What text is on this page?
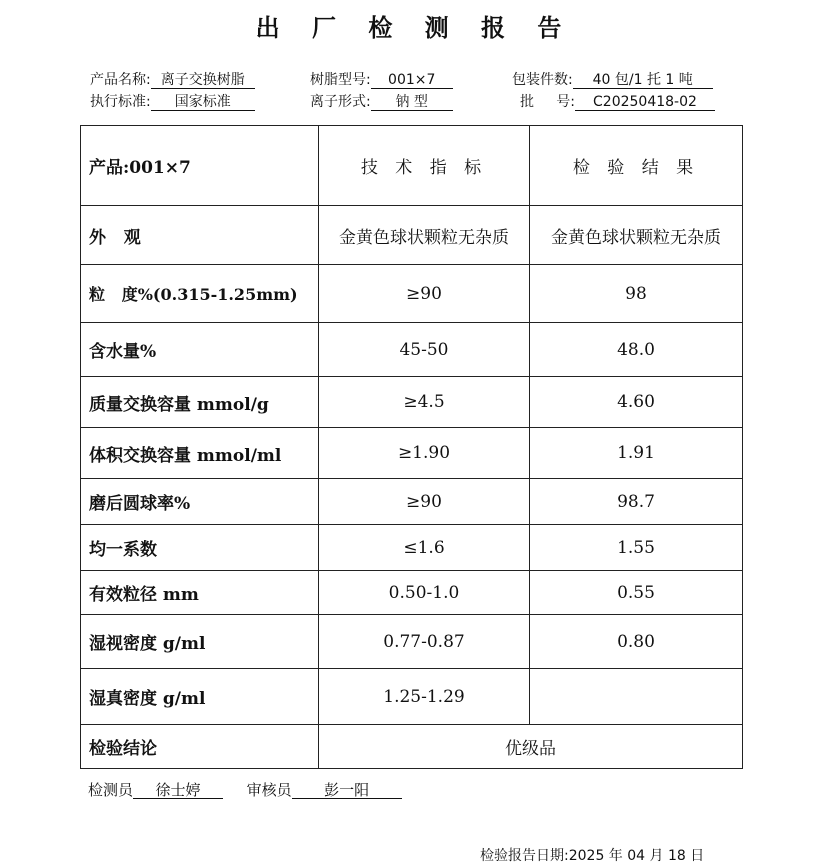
出 厂 检 测 报 告
产品名称: 离子交换树脂	树脂型号: 001×7	包装件数: 40 包/1 托 1 吨
执行标准: 国家标准	离子形式: 钠 型	批     号: C20250418-02
产品:001×7	技 术 指 标	检 验 结 果
外   观	金黄色球状颗粒无杂质	金黄色球状颗粒无杂质
粒   度%(0.315-1.25mm)	≥90	98
含水量%	45-50	48.0
质量交换容量 mmol/g	≥4.5	4.60
体积交换容量 mmol/ml	≥1.90	1.91
磨后圆球率%	≥90	98.7
均一系数	≤1.6	1.55
有效粒径 mm	0.50-1.0	0.55
湿视密度 g/ml	0.77-0.87	0.80
湿真密度 g/ml	1.25-1.29	
检验结论	优级品	
检测员 徐士婷	审核员 彭一阳
检验报告日期:2025 年 04 月 18 日
